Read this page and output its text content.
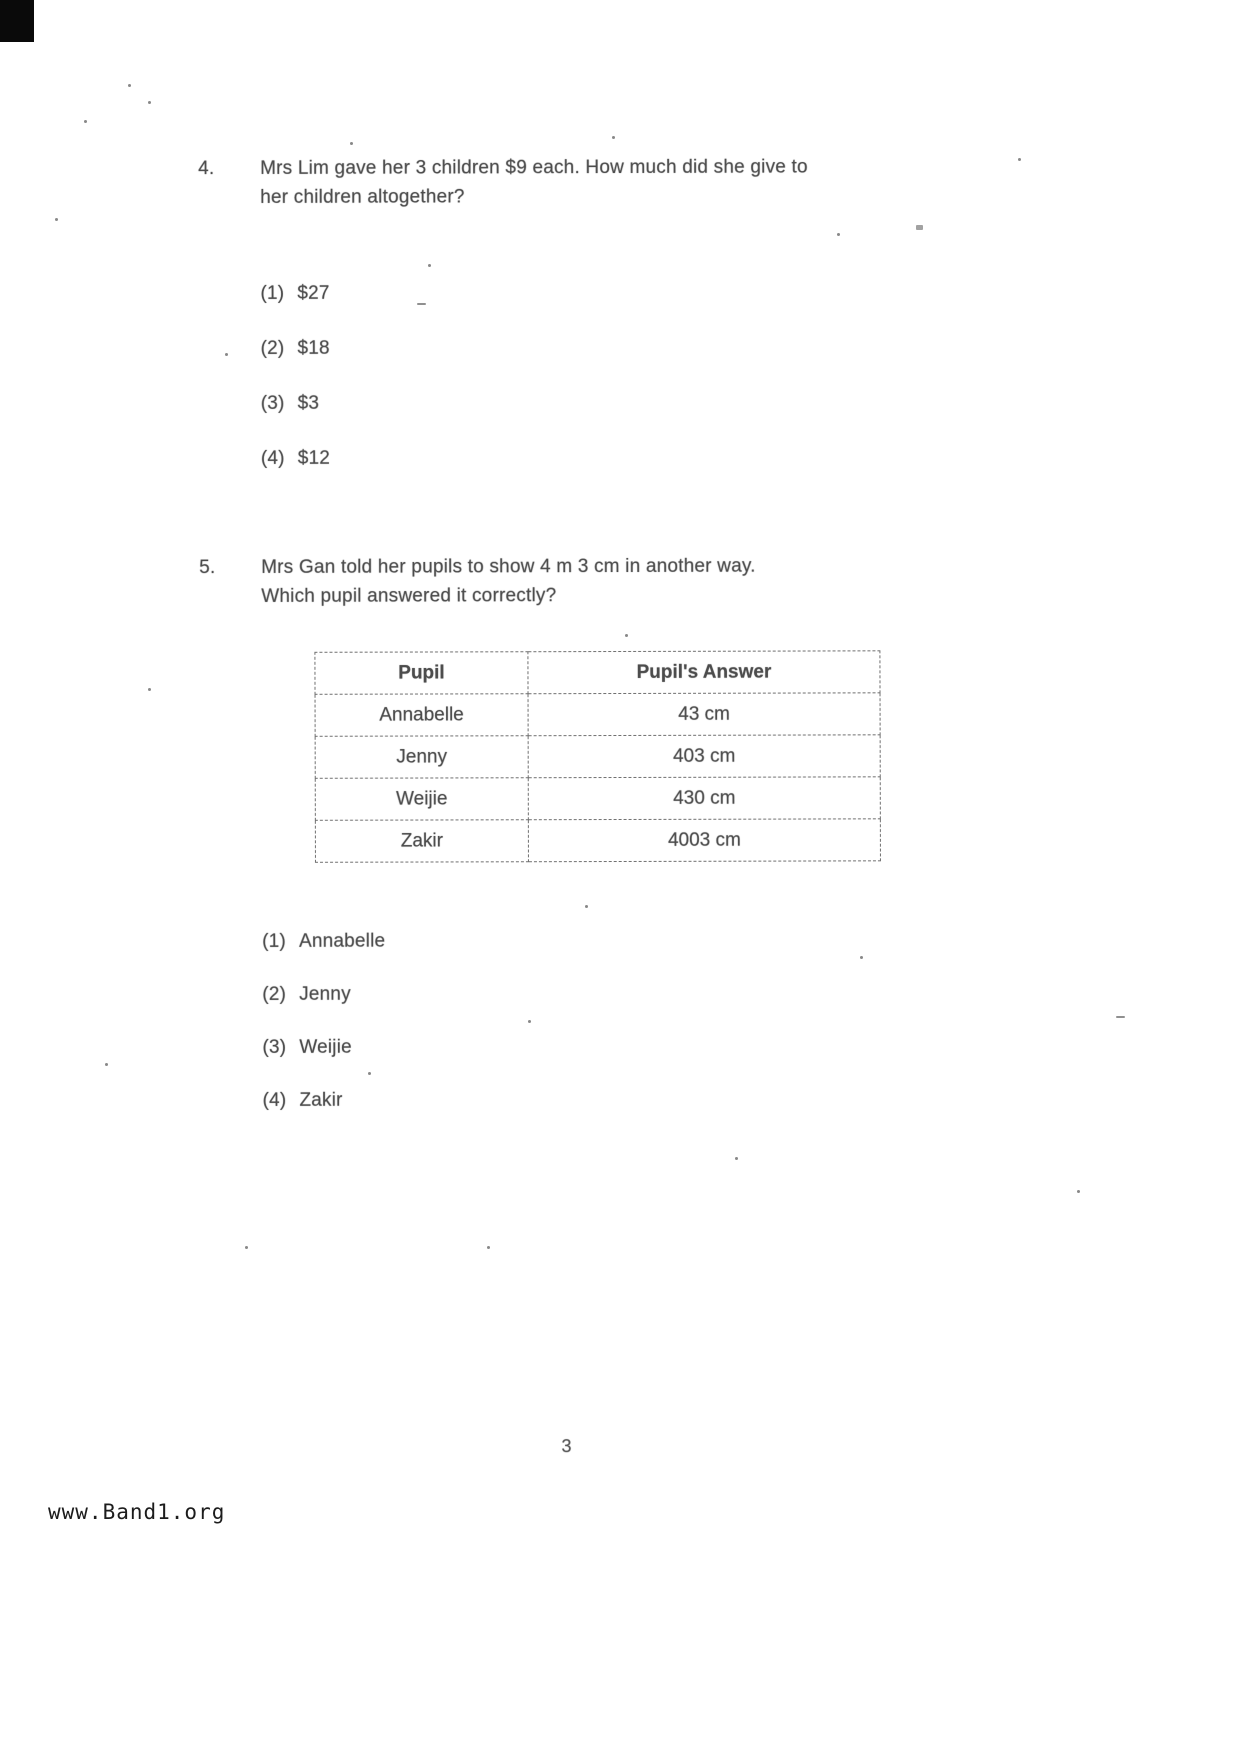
4. Mrs Lim gave her 3 children $9 each. How much did she give to
her children altogether?
(1) $27
(2) $18
(3) $3
(4) $12
5. Mrs Gan told her pupils to show 4 m 3 cm in another way.
Which pupil answered it correctly?
Pupil	Pupil's Answer
Annabelle	43 cm
Jenny	403 cm
Weijie	430 cm
Zakir	4003 cm
(1) Annabelle
(2) Jenny
(3) Weijie
(4) Zakir
3
www.Band1.org
